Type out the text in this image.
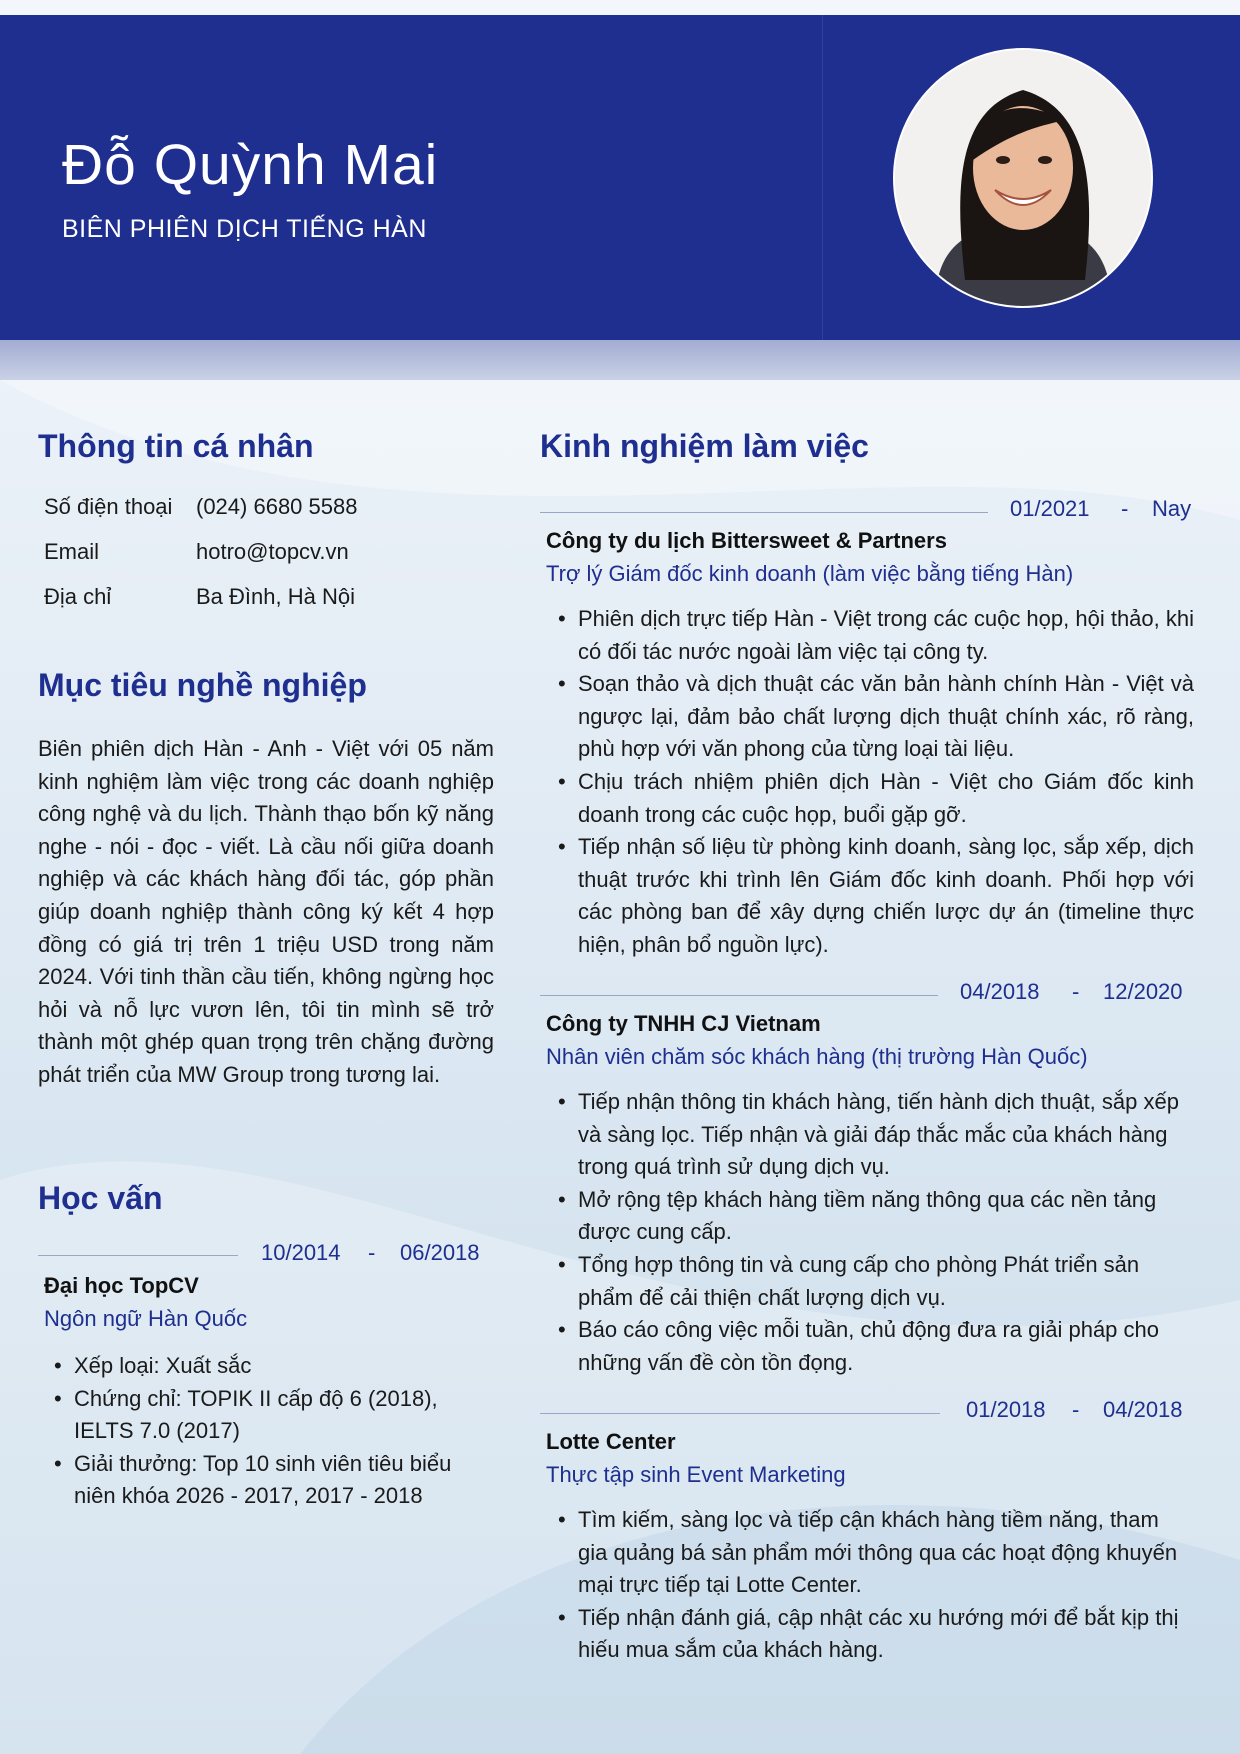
Đỗ Quỳnh Mai
BIÊN PHIÊN DỊCH TIẾNG HÀN
Thông tin cá nhân
Số điện thoại (024) 6680 5588
Email	hotro@topcv.vn
Địa chỉ	Ba Đình, Hà Nội
Mục tiêu nghề nghiệp
Biên phiên dịch Hàn - Anh - Việt với 05 năm kinh nghiệm làm việc trong các doanh nghiệp công nghệ và du lịch. Thành thạo bốn kỹ năng nghe - nói - đọc - viết. Là cầu nối giữa doanh nghiệp và các khách hàng đối tác, góp phần giúp doanh nghiệp thành công ký kết 4 hợp đồng có giá trị trên 1 triệu USD trong năm 2024. Với tinh thần cầu tiến, không ngừng học hỏi và nỗ lực vươn lên, tôi tin mình sẽ trở thành một ghép quan trọng trên chặng đường phát triển của MW Group trong tương lai.
Học vấn
10/2014 - 06/2018
Đại học TopCV
Ngôn ngữ Hàn Quốc
• Xếp loại: Xuất sắc
• Chứng chỉ: TOPIK II cấp độ 6 (2018), IELTS 7.0 (2017)
• Giải thưởng: Top 10 sinh viên tiêu biểu niên khóa 2026 - 2017, 2017 - 2018
Kinh nghiệm làm việc
01/2021 - Nay
Công ty du lịch Bittersweet & Partners
Trợ lý Giám đốc kinh doanh (làm việc bằng tiếng Hàn)
• Phiên dịch trực tiếp Hàn - Việt trong các cuộc họp, hội thảo, khi có đối tác nước ngoài làm việc tại công ty.
• Soạn thảo và dịch thuật các văn bản hành chính Hàn - Việt và ngược lại, đảm bảo chất lượng dịch thuật chính xác, rõ ràng, phù hợp với văn phong của từng loại tài liệu.
• Chịu trách nhiệm phiên dịch Hàn - Việt cho Giám đốc kinh doanh trong các cuộc họp, buổi gặp gỡ.
• Tiếp nhận số liệu từ phòng kinh doanh, sàng lọc, sắp xếp, dịch thuật trước khi trình lên Giám đốc kinh doanh. Phối hợp với các phòng ban để xây dựng chiến lược dự án (timeline thực hiện, phân bổ nguồn lực).
04/2018 - 12/2020
Công ty TNHH CJ Vietnam
Nhân viên chăm sóc khách hàng (thị trường Hàn Quốc)
• Tiếp nhận thông tin khách hàng, tiến hành dịch thuật, sắp xếp và sàng lọc. Tiếp nhận và giải đáp thắc mắc của khách hàng trong quá trình sử dụng dịch vụ.
• Mở rộng tệp khách hàng tiềm năng thông qua các nền tảng được cung cấp.
• Tổng hợp thông tin và cung cấp cho phòng Phát triển sản phẩm để cải thiện chất lượng dịch vụ.
• Báo cáo công việc mỗi tuần, chủ động đưa ra giải pháp cho những vấn đề còn tồn đọng.
01/2018 - 04/2018
Lotte Center
Thực tập sinh Event Marketing
• Tìm kiếm, sàng lọc và tiếp cận khách hàng tiềm năng, tham gia quảng bá sản phẩm mới thông qua các hoạt động khuyến mại trực tiếp tại Lotte Center.
• Tiếp nhận đánh giá, cập nhật các xu hướng mới để bắt kịp thị hiếu mua sắm của khách hàng.
